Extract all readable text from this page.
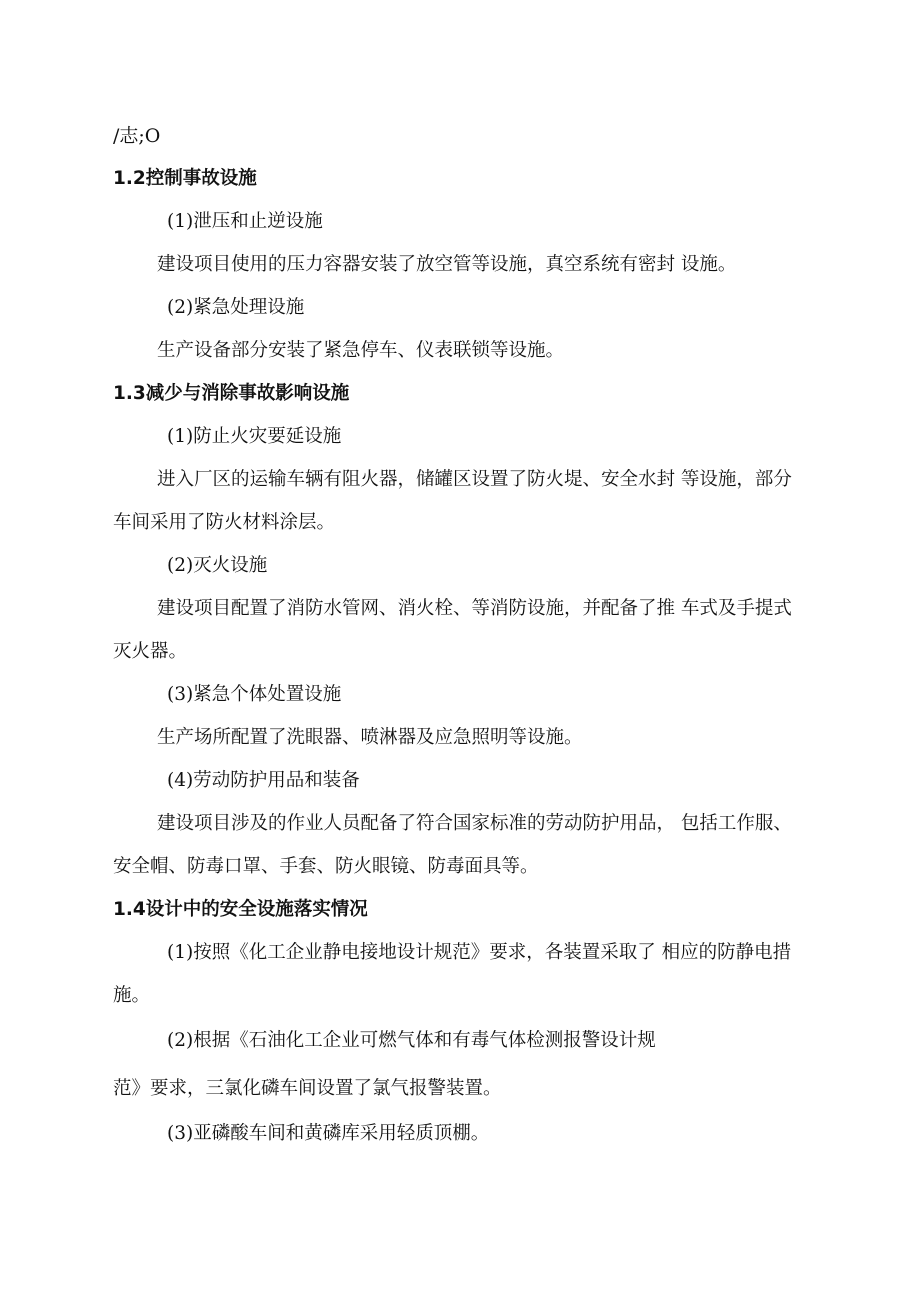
/志;O
1.2控制事故设施
(1)泄压和止逆设施
建设项目使用的压力容器安装了放空管等设施，真空系统有密封 设施。
(2)紧急处理设施
生产设备部分安装了紧急停车、仪表联锁等设施。
1.3减少与消除事故影响设施
(1)防止火灾要延设施
进入厂区的运输车辆有阻火器，储罐区设置了防火堤、安全水封 等设施，部分
车间采用了防火材料涂层。
(2)灭火设施
建设项目配置了消防水管网、消火栓、等消防设施，并配备了推 车式及手提式
灭火器。
(3)紧急个体处置设施
生产场所配置了洗眼器、喷淋器及应急照明等设施。
(4)劳动防护用品和装备
建设项目涉及的作业人员配备了符合国家标准的劳动防护用品， 包括工作服、
安全帽、防毒口罩、手套、防火眼镜、防毒面具等。
1.4设计中的安全设施落实情况
(1)按照《化工企业静电接地设计规范》要求，各装置采取了 相应的防静电措
施。
(2)根据《石油化工企业可燃气体和有毒气体检测报警设计规
范》要求，三氯化磷车间设置了氯气报警装置。
(3)亚磷酸车间和黄磷库采用轻质顶棚。
